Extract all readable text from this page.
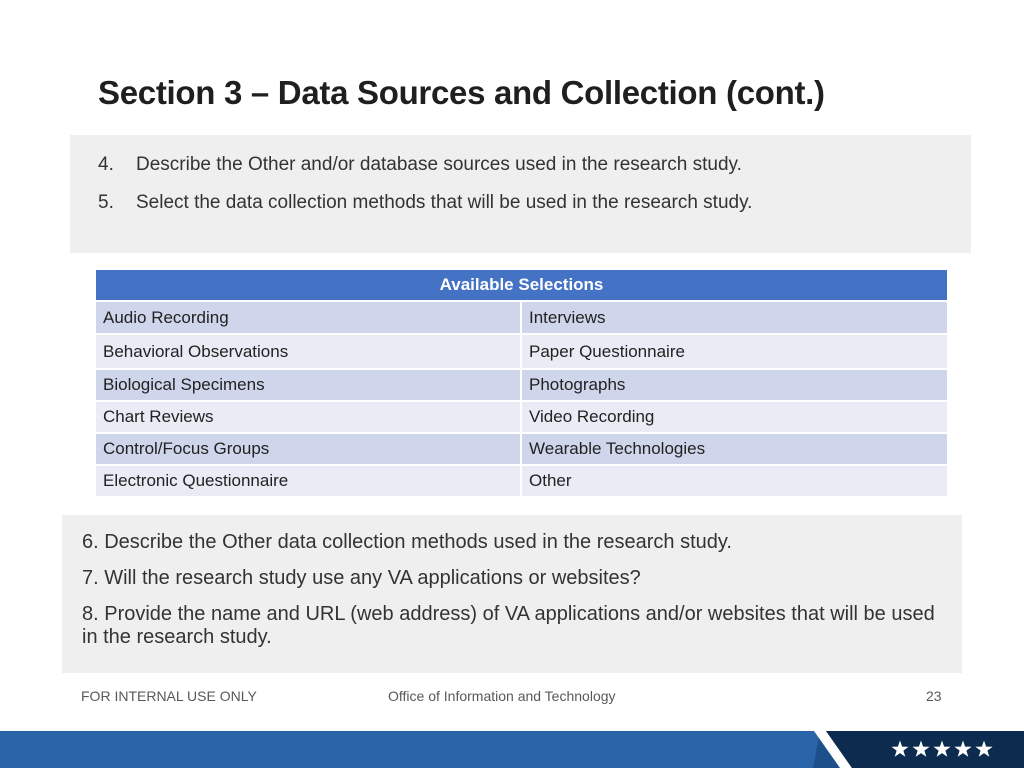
Section 3 – Data Sources and Collection (cont.)
4. Describe the Other and/or database sources used in the research study.
5. Select the data collection methods that will be used in the research study.
Available Selections	
Audio Recording	Interviews
Behavioral Observations	Paper Questionnaire
Biological Specimens	Photographs
Chart Reviews	Video Recording
Control/Focus Groups	Wearable Technologies
Electronic Questionnaire	Other
6. Describe the Other data collection methods used in the research study.
7. Will the research study use any VA applications or websites?
8. Provide the name and URL (web address) of VA applications and/or websites that will be used in the research study.
FOR INTERNAL USE ONLY	Office of Information and Technology	23
